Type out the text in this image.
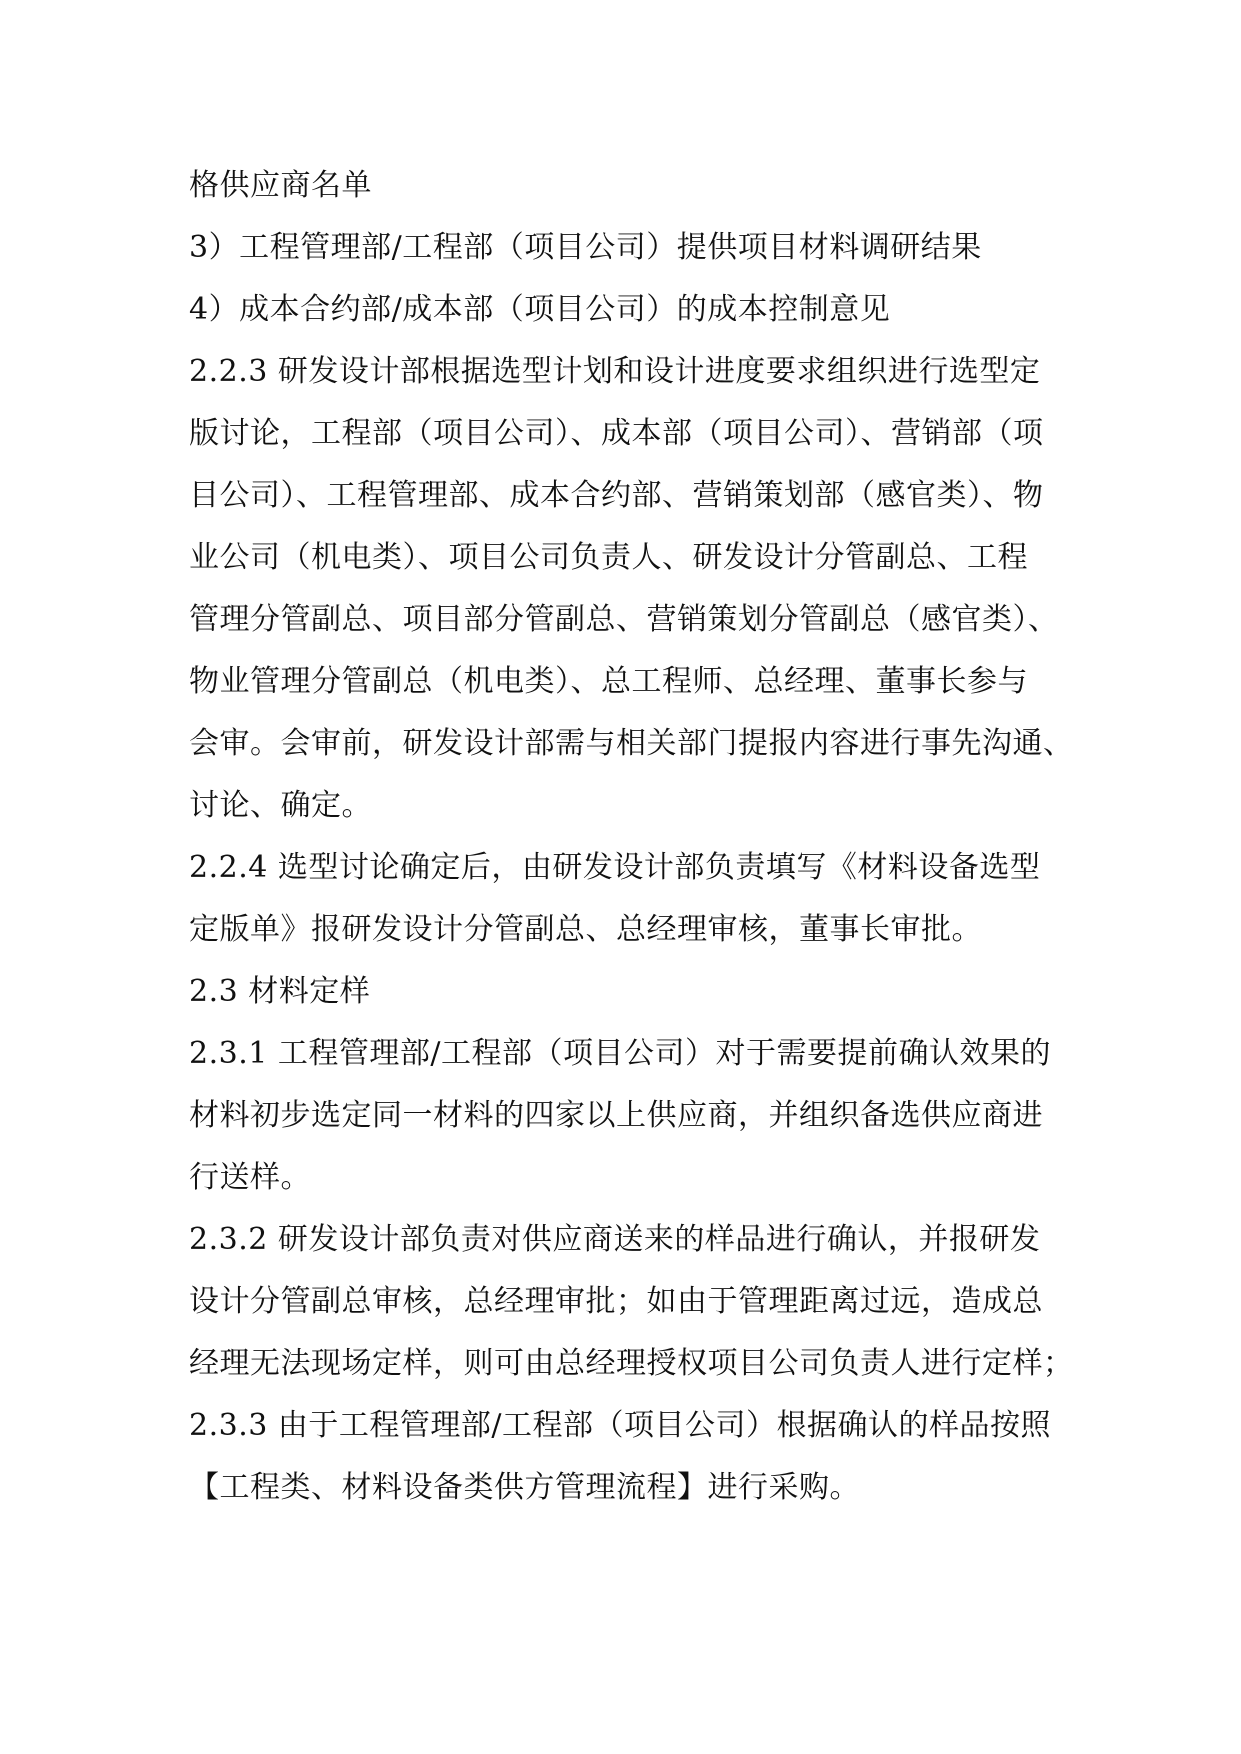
格供应商名单
3）工程管理部/工程部（项目公司）提供项目材料调研结果
4）成本合约部/成本部（项目公司）的成本控制意见
2.2.3 研发设计部根据选型计划和设计进度要求组织进行选型定
版讨论，工程部（项目公司）、成本部（项目公司）、营销部（项
目公司）、工程管理部、成本合约部、营销策划部（感官类）、物
业公司（机电类）、项目公司负责人、研发设计分管副总、工程
管理分管副总、项目部分管副总、营销策划分管副总（感官类）、
物业管理分管副总（机电类）、总工程师、总经理、董事长参与
会审。会审前，研发设计部需与相关部门提报内容进行事先沟通、
讨论、确定。
2.2.4 选型讨论确定后，由研发设计部负责填写《材料设备选型
定版单》报研发设计分管副总、总经理审核，董事长审批。
2.3 材料定样
2.3.1 工程管理部/工程部（项目公司）对于需要提前确认效果的
材料初步选定同一材料的四家以上供应商，并组织备选供应商进
行送样。
2.3.2 研发设计部负责对供应商送来的样品进行确认，并报研发
设计分管副总审核，总经理审批；如由于管理距离过远，造成总
经理无法现场定样，则可由总经理授权项目公司负责人进行定样；
2.3.3 由于工程管理部/工程部（项目公司）根据确认的样品按照
【工程类、材料设备类供方管理流程】进行采购。
